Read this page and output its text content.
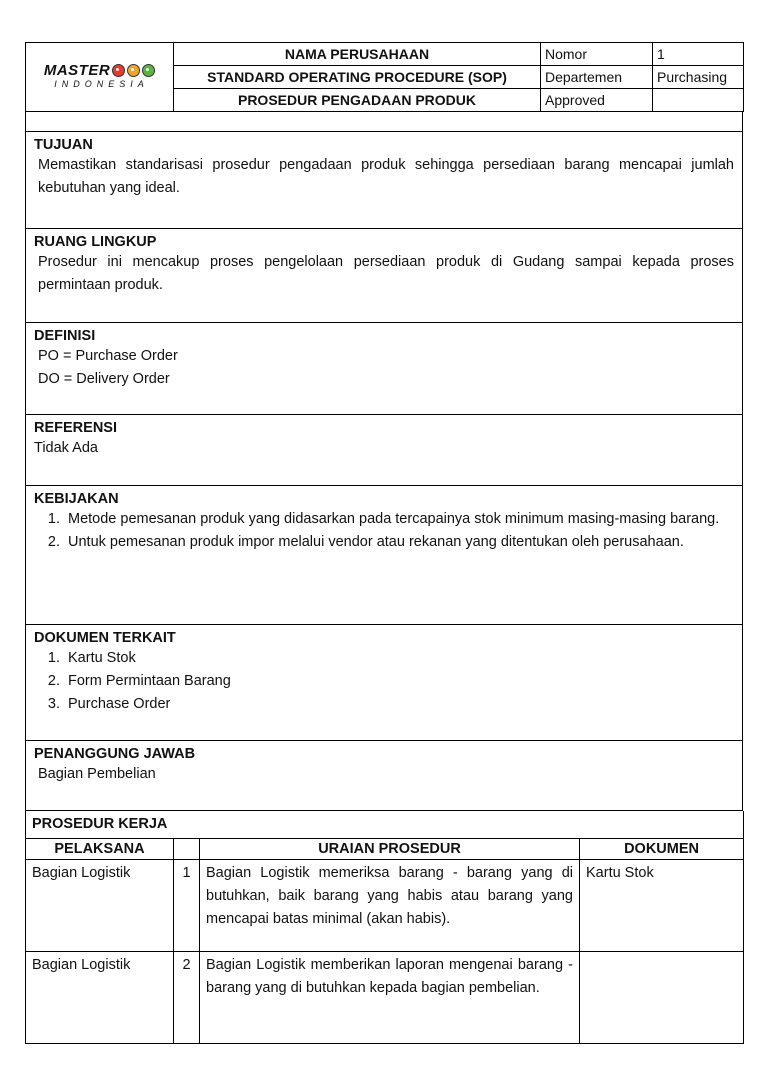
MASTER
INDONESIA	NAMA PERUSAHAAN	Nomor	1
	STANDARD OPERATING PROCEDURE (SOP)	Departemen	Purchasing
	PROSEDUR PENGADAAN PRODUK	Approved	
TUJUAN
Memastikan standarisasi prosedur pengadaan produk sehingga persediaan barang mencapai jumlah kebutuhan yang ideal.
RUANG LINGKUP
Prosedur ini mencakup proses pengelolaan persediaan produk di Gudang sampai kepada proses permintaan produk.
DEFINISI
PO = Purchase Order
DO = Delivery Order
REFERENSI
Tidak Ada
KEBIJAKAN
1. Metode pemesanan produk yang didasarkan pada tercapainya stok minimum masing-masing barang.
2. Untuk pemesanan produk impor melalui vendor atau rekanan yang ditentukan oleh perusahaan.
DOKUMEN TERKAIT
1. Kartu Stok
2. Form Permintaan Barang
3. Purchase Order
PENANGGUNG JAWAB
Bagian Pembelian
PROSEDUR KERJA			
PELAKSANA		URAIAN PROSEDUR	DOKUMEN
Bagian Logistik	1	Bagian Logistik memeriksa barang - barang yang di butuhkan, baik barang yang habis atau barang yang mencapai batas minimal (akan habis).	Kartu Stok
Bagian Logistik	2	Bagian Logistik memberikan laporan mengenai barang - barang yang di butuhkan kepada bagian pembelian.	
